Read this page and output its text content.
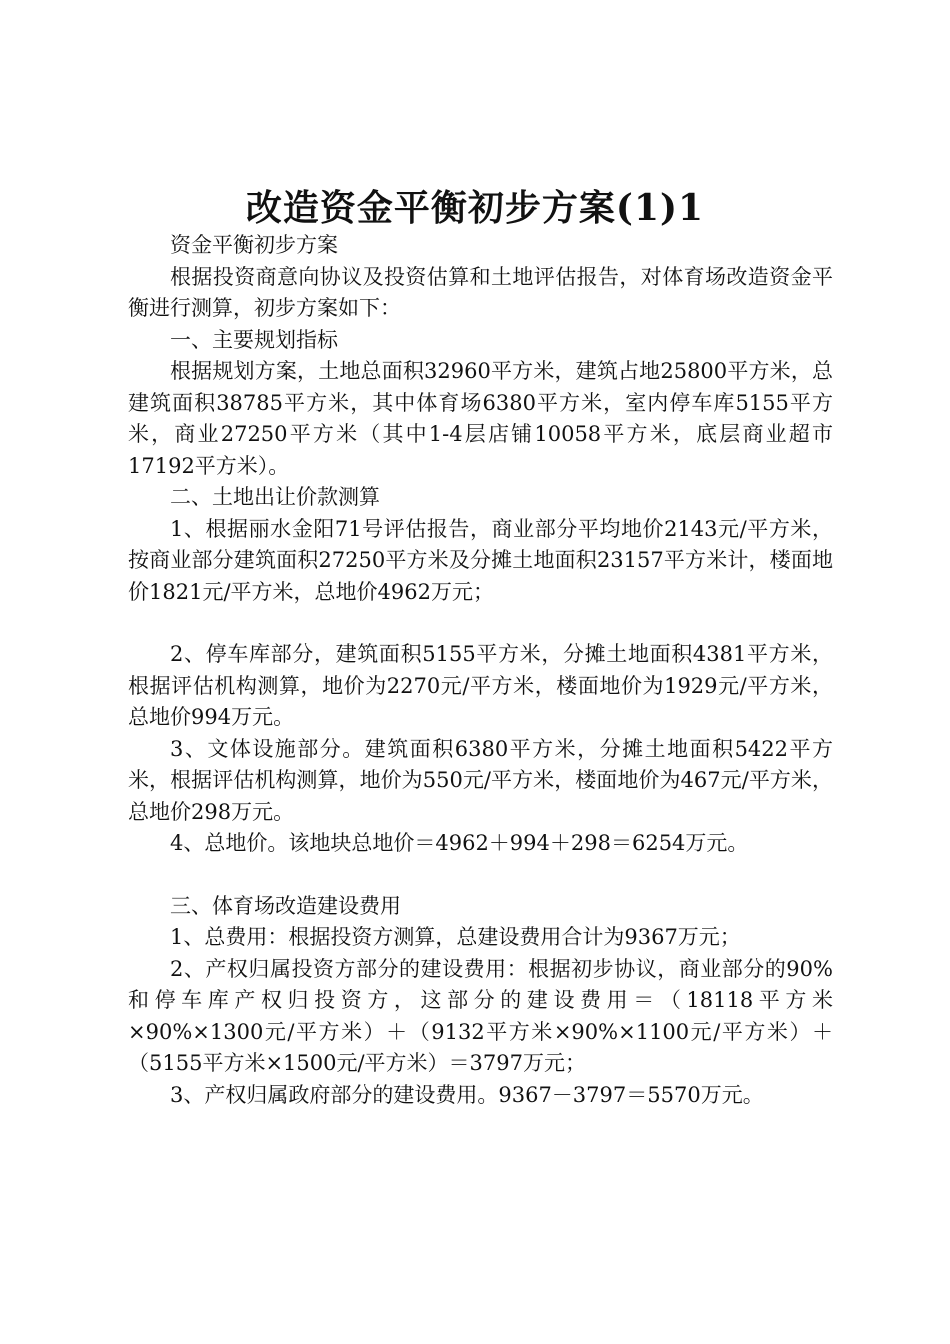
改造资金平衡初步方案(1)1

资金平衡初步方案

根据投资商意向协议及投资估算和土地评估报告，对体育场改造资金平衡进行测算，初步方案如下：

一、主要规划指标

根据规划方案，土地总面积32960平方米，建筑占地25800平方米，总建筑面积38785平方米，其中体育场6380平方米，室内停车库5155平方米，商业27250平方米（其中1-4层店铺10058平方米，底层商业超市17192平方米）。

二、土地出让价款测算

1、根据丽水金阳71号评估报告，商业部分平均地价2143元/平方米，按商业部分建筑面积27250平方米及分摊土地面积23157平方米计，楼面地价1821元/平方米，总地价4962万元；

2、停车库部分，建筑面积5155平方米，分摊土地面积4381平方米，根据评估机构测算，地价为2270元/平方米，楼面地价为1929元/平方米，总地价994万元。

3、文体设施部分。建筑面积6380平方米，分摊土地面积5422平方米，根据评估机构测算，地价为550元/平方米，楼面地价为467元/平方米，总地价298万元。

4、总地价。该地块总地价＝4962＋994＋298＝6254万元。

三、体育场改造建设费用

1、总费用：根据投资方测算，总建设费用合计为9367万元；

2、产权归属投资方部分的建设费用：根据初步协议，商业部分的90%和停车库产权归投资方，这部分的建设费用＝（18118平方米×90%×1300元/平方米）＋（9132平方米×90%×1100元/平方米）＋（5155平方米×1500元/平方米）＝3797万元；

3、产权归属政府部分的建设费用。9367－3797＝5570万元。
